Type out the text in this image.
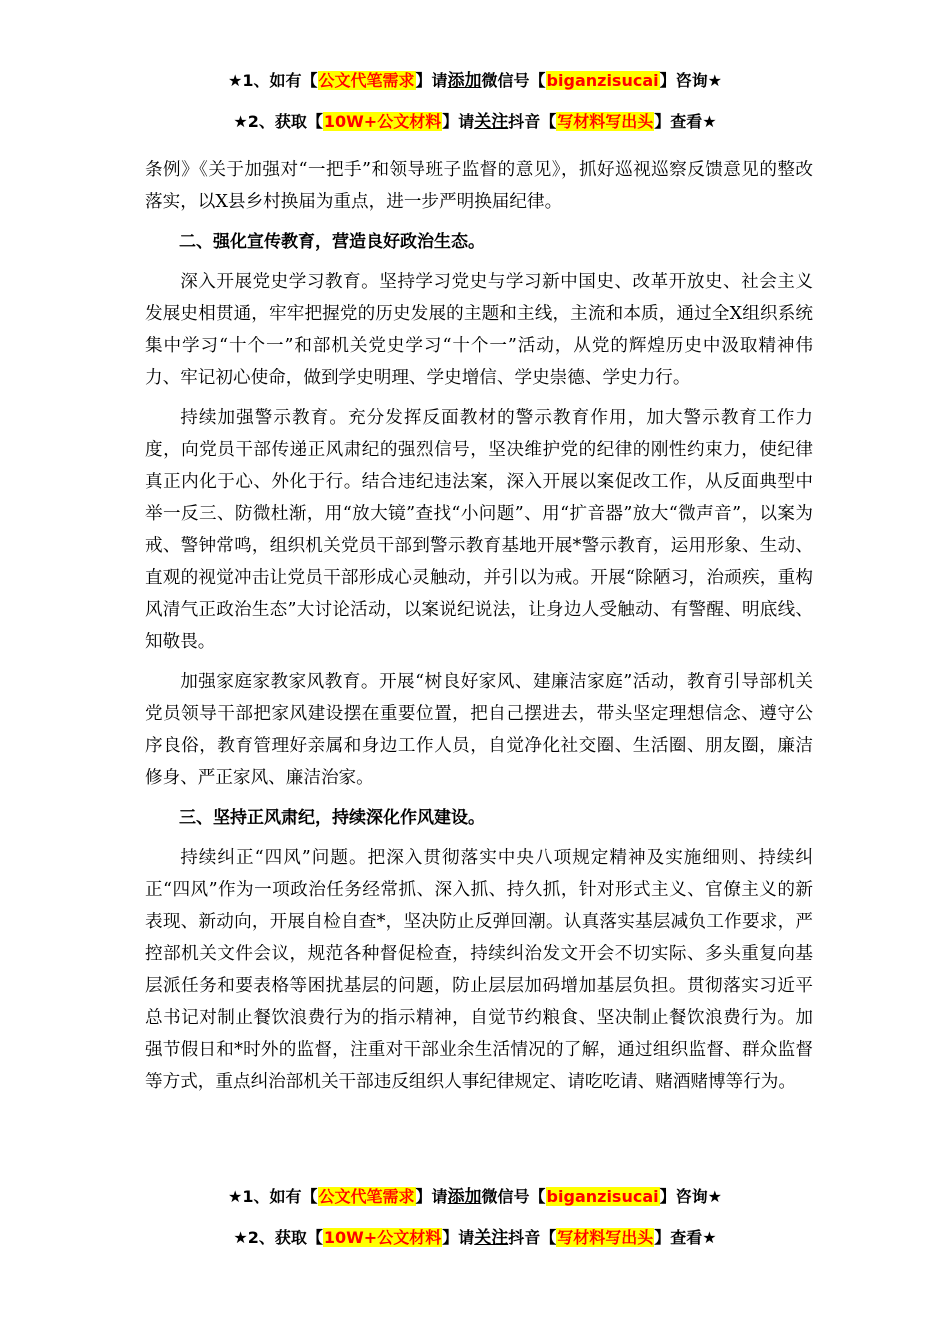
★1、如有【公文代笔需求】请添加微信号【biganzisucai】咨询★
★2、获取【10W+公文材料】请关注抖音【写材料写出头】查看★

条例》《关于加强对“一把手”和领导班子监督的意见》，抓好巡视巡察反馈意见的整改落实，以X县乡村换届为重点，进一步严明换届纪律。

二、强化宣传教育，营造良好政治生态。

深入开展党史学习教育。坚持学习党史与学习新中国史、改革开放史、社会主义发展史相贯通，牢牢把握党的历史发展的主题和主线，主流和本质，通过全X组织系统集中学习“十个一”和部机关党史学习“十个一”活动，从党的辉煌历史中汲取精神伟力、牢记初心使命，做到学史明理、学史增信、学史崇德、学史力行。

持续加强警示教育。充分发挥反面教材的警示教育作用，加大警示教育工作力度，向党员干部传递正风肃纪的强烈信号，坚决维护党的纪律的刚性约束力，使纪律真正内化于心、外化于行。结合违纪违法案，深入开展以案促改工作，从反面典型中举一反三、防微杜渐，用“放大镜”查找“小问题”、用“扩音器”放大“微声音”，以案为戒、警钟常鸣，组织机关党员干部到警示教育基地开展*警示教育，运用形象、生动、直观的视觉冲击让党员干部形成心灵触动，并引以为戒。开展“除陋习，治顽疾，重构风清气正政治生态”大讨论活动，以案说纪说法，让身边人受触动、有警醒、明底线、知敬畏。

加强家庭家教家风教育。开展“树良好家风、建廉洁家庭”活动，教育引导部机关党员领导干部把家风建设摆在重要位置，把自己摆进去，带头坚定理想信念、遵守公序良俗，教育管理好亲属和身边工作人员，自觉净化社交圈、生活圈、朋友圈，廉洁修身、严正家风、廉洁治家。

三、坚持正风肃纪，持续深化作风建设。

持续纠正“四风”问题。把深入贯彻落实中央八项规定精神及实施细则、持续纠正“四风”作为一项政治任务经常抓、深入抓、持久抓，针对形式主义、官僚主义的新表现、新动向，开展自检自查*，坚决防止反弹回潮。认真落实基层减负工作要求，严控部机关文件会议，规范各种督促检查，持续纠治发文开会不切实际、多头重复向基层派任务和要表格等困扰基层的问题，防止层层加码增加基层负担。贯彻落实习近平总书记对制止餐饮浪费行为的指示精神，自觉节约粮食、坚决制止餐饮浪费行为。加强节假日和*时外的监督，注重对干部业余生活情况的了解，通过组织监督、群众监督等方式，重点纠治部机关干部违反组织人事纪律规定、请吃吃请、赌酒赌博等行为。

★1、如有【公文代笔需求】请添加微信号【biganzisucai】咨询★
★2、获取【10W+公文材料】请关注抖音【写材料写出头】查看★
